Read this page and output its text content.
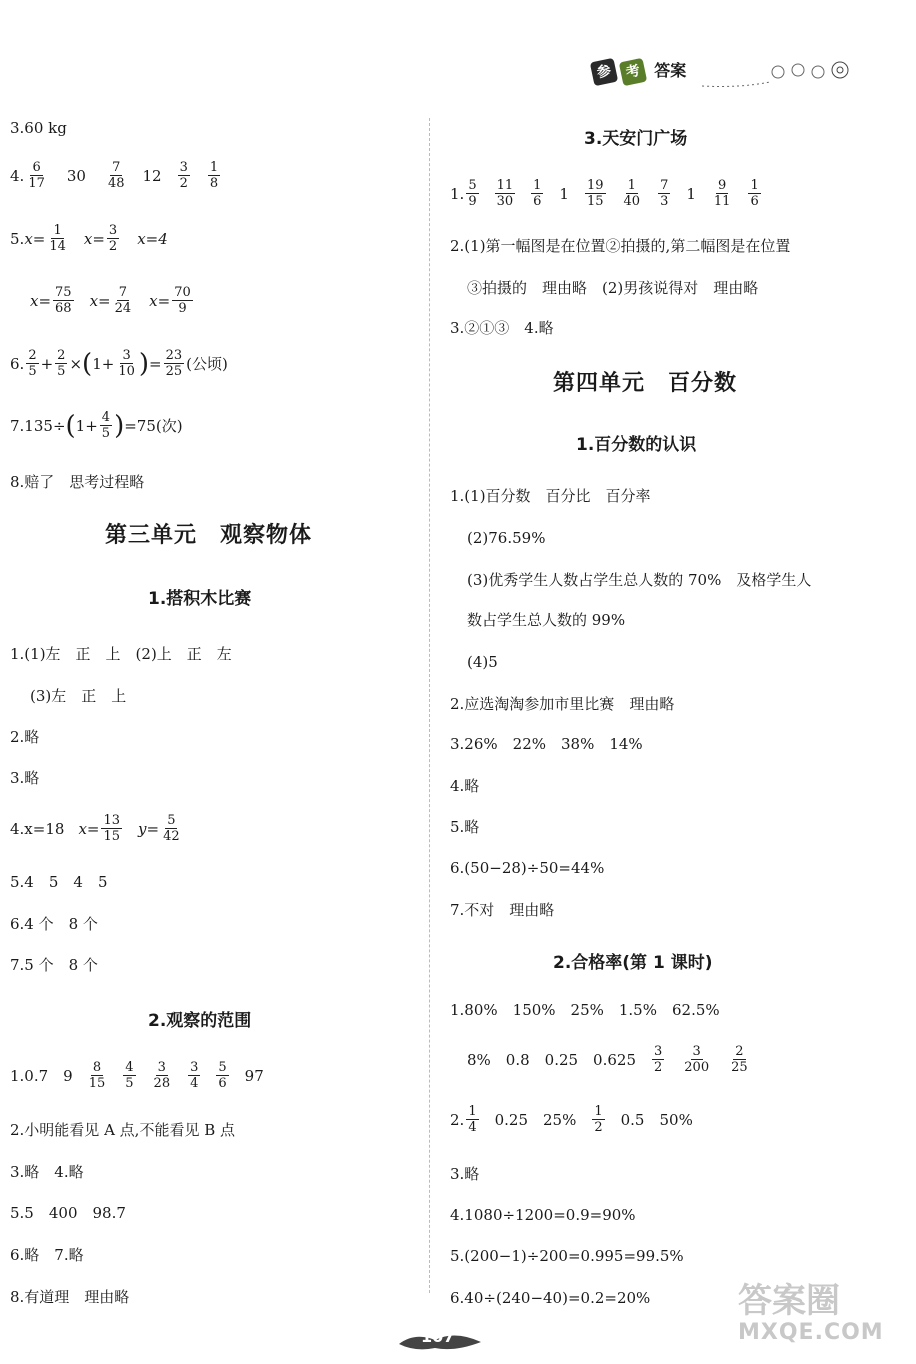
参 考 答案
3.60 kg
4. $\frac{6}{17} 30 \frac{7}{48} 12 \frac{3}{2} \frac{1}{8}$
5. $x= \frac{1}{14} x= \frac{3}{2} x=4$
$x= \frac{75}{68} x= \frac{7}{24} x= \frac{70}{9}$
6. $\frac{2}{5} + \frac{2}{5}$ × ( $1+ \frac{3}{10}$ ) = $\frac{23}{25}$ (公顷)
7.135÷ ( $1+ \frac{4}{5}$ ) =75(次)
8.赔了　思考过程略
第三单元　观察物体
1.搭积木比赛
1.(1)左　正　上　(2)上　正　左
(3)左　正　上
2.略
3.略
4.x=18 $x= \frac{13}{15} y= \frac{5}{42}$
5.4　5　4　5
6.4 个　8 个
7.5 个　8 个
2.观察的范围
1.0.7　$9 \frac{8}{15} \frac{4}{5} \frac{3}{28} \frac{3}{4} \frac{5}{6} 97$
2.小明能看见 A 点,不能看见 B 点
3.略　4.略
5.5　400　98.7
6.略　7.略
8.有道理　理由略
3.天安门广场
1. $\frac{5}{9} \frac{11}{30} \frac{1}{6} 1 \frac{19}{15} \frac{1}{40} \frac{7}{3} 1 \frac{9}{11} \frac{1}{6}$
2.(1)第一幅图是在位置②拍摄的,第二幅图是在位置
③拍摄的　理由略　(2)男孩说得对　理由略
3.②①③　4.略
第四单元　百分数
1.百分数的认识
1.(1)百分数　百分比　百分率
(2)76.59%
(3)优秀学生人数占学生总人数的 70%　及格学生人
数占学生总人数的 99%
(4)5
2.应选淘淘参加市里比赛　理由略
3.26%　22%　38%　14%
4.略
5.略
6.(50−28)÷50=44%
7.不对　理由略
2.合格率(第 1 课时)
1.80%　150%　25%　1.5%　62.5%
8%　0.8　0.25　$0.625 \frac{3}{2} \frac{3}{200} \frac{2}{25}$
2. $\frac{1}{4} 0.25$　$25\% \frac{1}{2} 0.5$　50%
3.略
4.1080÷1200=0.9=90%
5.(200−1)÷200=0.995=99.5%
6.40÷(240−40)=0.2=20%
107
答案圈
MXQE.COM
